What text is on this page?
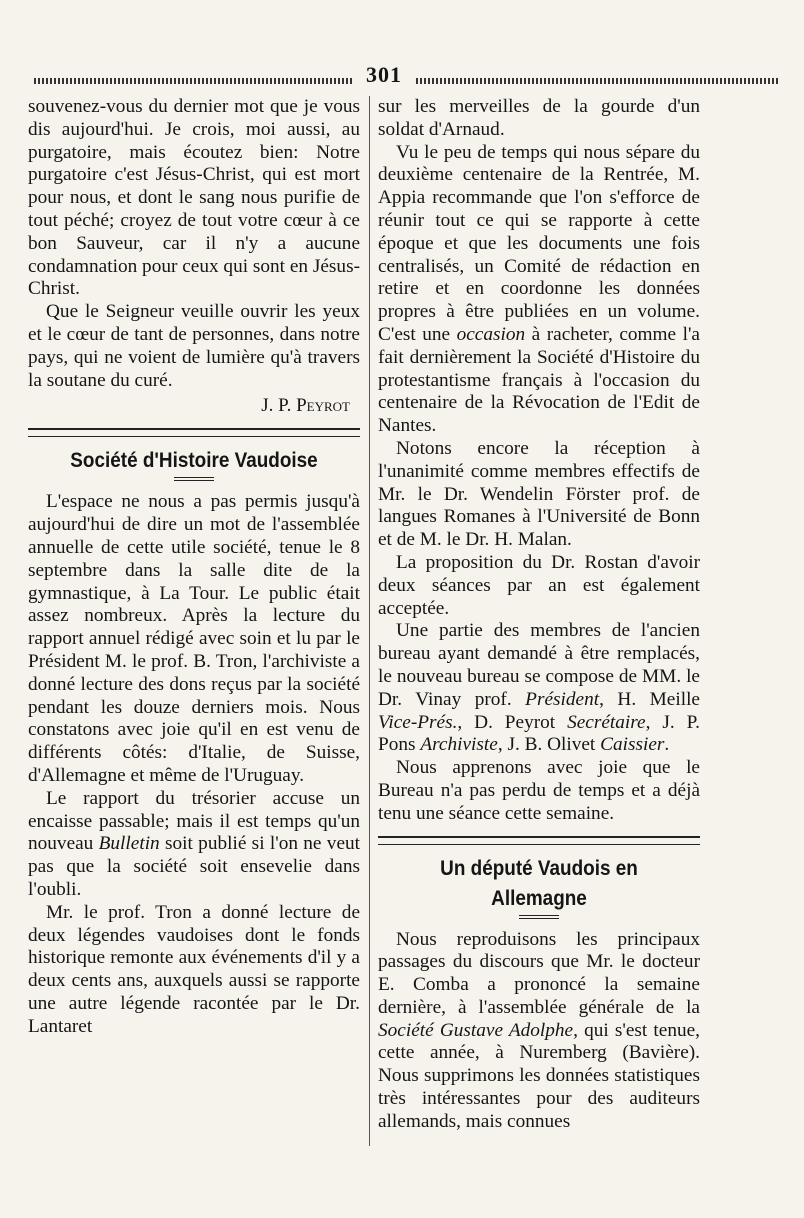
301

souvenez-vous du dernier mot que je vous dis aujourd'hui. Je crois, moi aussi, au purgatoire, mais écoutez bien: Notre purgatoire c'est Jésus-Christ, qui est mort pour nous, et dont le sang nous purifie de tout péché; croyez de tout votre cœur à ce bon Sauveur, car il n'y a aucune condamnation pour ceux qui sont en Jésus-Christ.

Que le Seigneur veuille ouvrir les yeux et le cœur de tant de personnes, dans notre pays, qui ne voient de lumière qu'à travers la soutane du curé.

J. P. Peyrot
Société d'Histoire Vaudoise

L'espace ne nous a pas permis jusqu'à aujourd'hui de dire un mot de l'assemblée annuelle de cette utile société, tenue le 8 septembre dans la salle dite de la gymnastique, à La Tour. Le public était assez nombreux. Après la lecture du rapport annuel rédigé avec soin et lu par le Président M. le prof. B. Tron, l'archiviste a donné lecture des dons reçus par la société pendant les douze derniers mois. Nous constatons avec joie qu'il en est venu de différents côtés: d'Italie, de Suisse, d'Allemagne et même de l'Uruguay.

Le rapport du trésorier accuse un encaisse passable; mais il est temps qu'un nouveau Bulletin soit publié si l'on ne veut pas que la société soit ensevelie dans l'oubli.

Mr. le prof. Tron a donné lecture de deux légendes vaudoises dont le fonds historique remonte aux événements d'il y a deux cents ans, auxquels aussi se rapporte une autre légende racontée par le Dr. Lantaret

sur les merveilles de la gourde d'un soldat d'Arnaud.

Vu le peu de temps qui nous sépare du deuxième centenaire de la Rentrée, M. Appia recommande que l'on s'efforce de réunir tout ce qui se rapporte à cette époque et que les documents une fois centralisés, un Comité de rédaction en retire et en coordonne les données propres à être publiées en un volume. C'est une occasion à racheter, comme l'a fait dernièrement la Société d'Histoire du protestantisme français à l'occasion du centenaire de la Révocation de l'Edit de Nantes.

Notons encore la réception à l'unanimité comme membres effectifs de Mr. le Dr. Wendelin Förster prof. de langues Romanes à l'Université de Bonn et de M. le Dr. H. Malan.

La proposition du Dr. Rostan d'avoir deux séances par an est également acceptée.

Une partie des membres de l'ancien bureau ayant demandé à être remplacés, le nouveau bureau se compose de MM. le Dr. Vinay prof. Président, H. Meille Vice-Prés., D. Peyrot Secrétaire, J. P. Pons Archiviste, J. B. Olivet Caissier.

Nous apprenons avec joie que le Bureau n'a pas perdu de temps et a déjà tenu une séance cette semaine.

Un député Vaudois en Allemagne

Nous reproduisons les principaux passages du discours que Mr. le docteur E. Comba a prononcé la semaine dernière, à l'assemblée générale de la Société Gustave Adolphe, qui s'est tenue, cette année, à Nuremberg (Bavière). Nous supprimons les données statistiques très intéressantes pour des auditeurs allemands, mais connues
